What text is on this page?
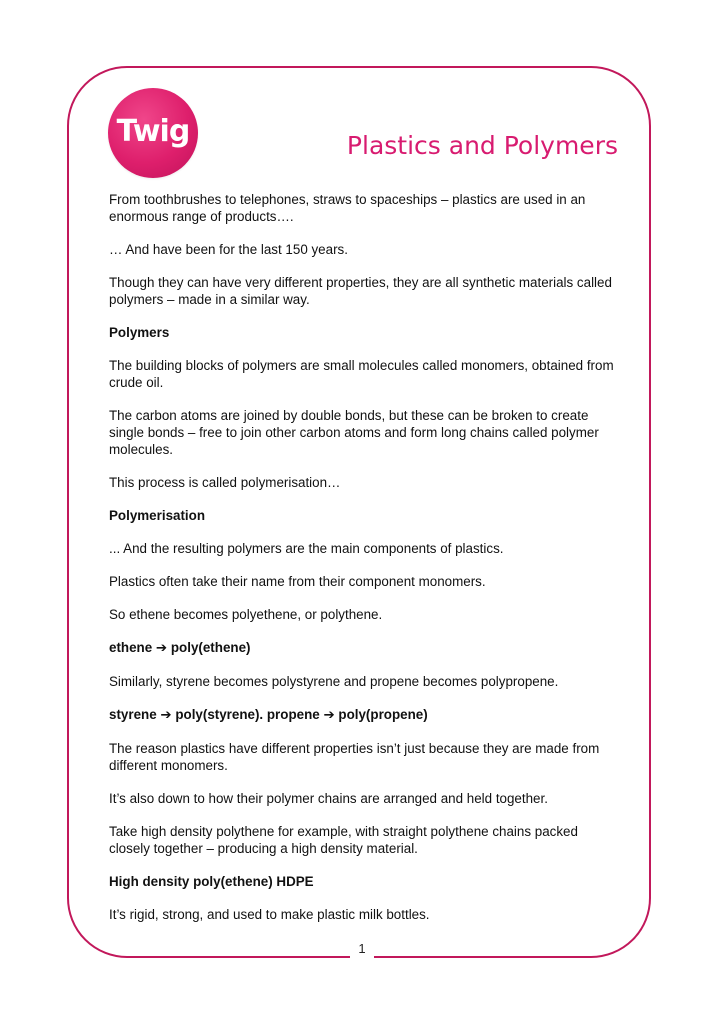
1
Twig	Plastics and Polymers

From toothbrushes to telephones, straws to spaceships – plastics are used in an enormous range of products….

… And have been for the last 150 years.

Though they can have very different properties, they are all synthetic materials called polymers – made in a similar way.

Polymers

The building blocks of polymers are small molecules called monomers, obtained from crude oil.

The carbon atoms are joined by double bonds, but these can be broken to create single bonds – free to join other carbon atoms and form long chains called polymer molecules.

This process is called polymerisation…

Polymerisation

... And the resulting polymers are the main components of plastics.

Plastics often take their name from their component monomers.

So ethene becomes polyethene, or polythene.

ethene ➔ poly(ethene)

Similarly, styrene becomes polystyrene and propene becomes polypropene.

styrene ➔ poly(styrene). propene ➔ poly(propene)

The reason plastics have different properties isn’t just because they are made from different monomers.

It’s also down to how their polymer chains are arranged and held together.

Take high density polythene for example, with straight polythene chains packed closely together – producing a high density material.

High density poly(ethene) HDPE

It’s rigid, strong, and used to make plastic milk bottles.
